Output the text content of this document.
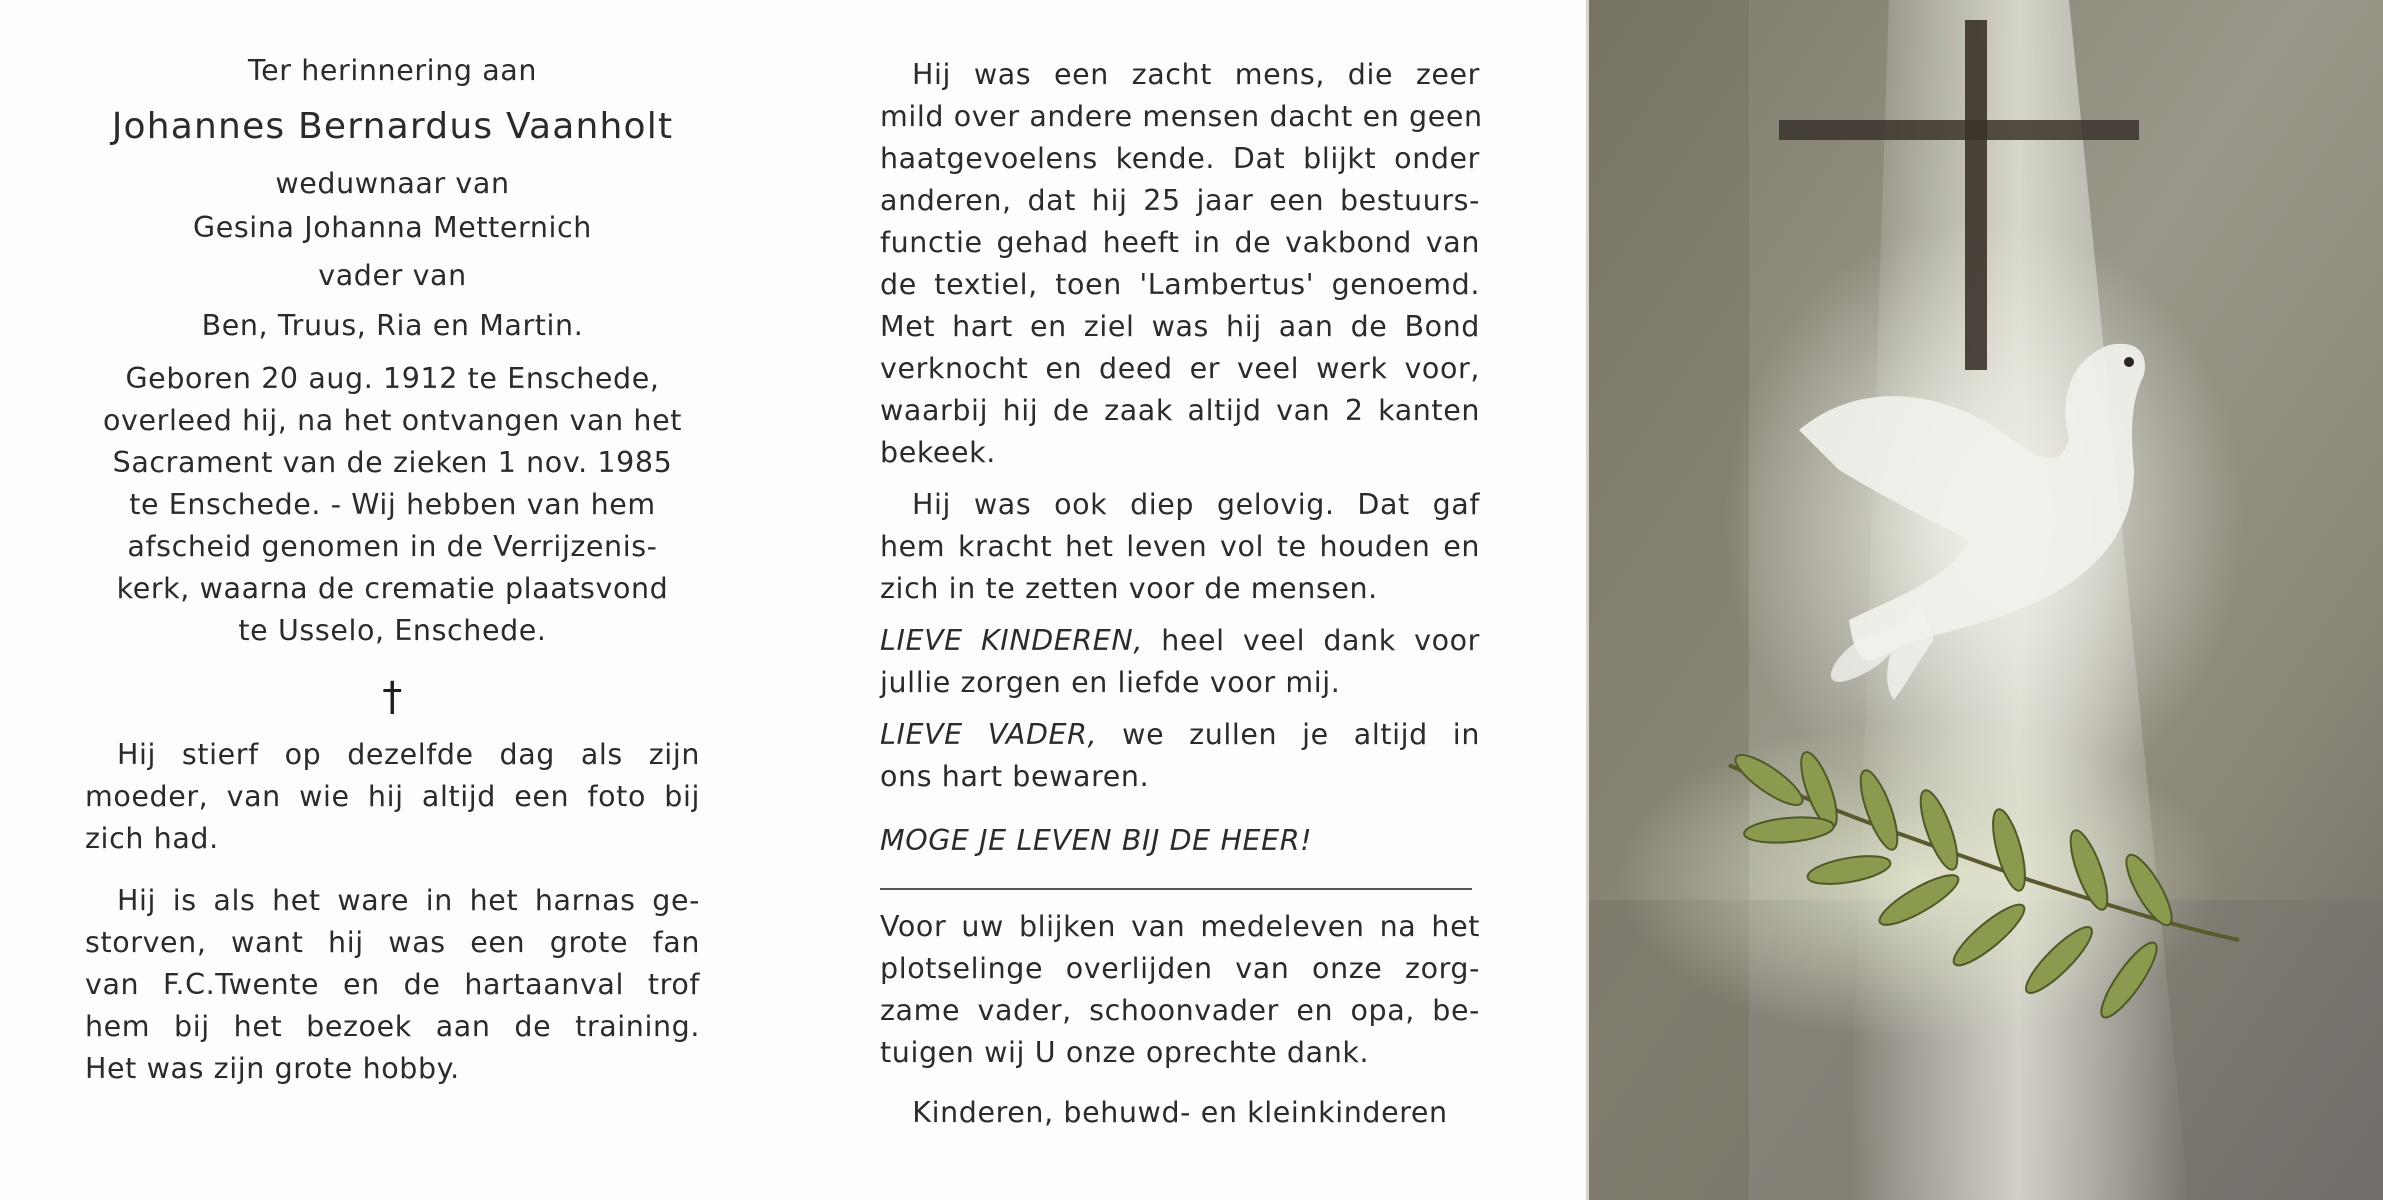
Ter herinnering aan
Johannes Bernardus Vaanholt
weduwnaar van
Gesina Johanna Metternich
vader van
Ben, Truus, Ria en Martin.
Geboren 20 aug. 1912 te Enschede,
overleed hij, na het ontvangen van het
Sacrament van de zieken 1 nov. 1985
te Enschede. - Wij hebben van hem
afscheid genomen in de Verrijzenis-
kerk, waarna de crematie plaatsvond
te Usselo, Enschede.
†
Hij stierf op dezelfde dag als zijn
moeder, van wie hij altijd een foto bij
zich had.
Hij is als het ware in het harnas ge-
storven, want hij was een grote fan
van F.C.Twente en de hartaanval trof
hem bij het bezoek aan de training.
Het was zijn grote hobby.
Hij was een zacht mens, die zeer
mild over andere mensen dacht en geen
haatgevoelens kende. Dat blijkt onder
anderen, dat hij 25 jaar een bestuurs-
functie gehad heeft in de vakbond van
de textiel, toen 'Lambertus' genoemd.
Met hart en ziel was hij aan de Bond
verknocht en deed er veel werk voor,
waarbij hij de zaak altijd van 2 kanten
bekeek.
Hij was ook diep gelovig. Dat gaf
hem kracht het leven vol te houden en
zich in te zetten voor de mensen.
LIEVE KINDEREN, heel veel dank voor
jullie zorgen en liefde voor mij.
LIEVE VADER, we zullen je altijd in
ons hart bewaren.
MOGE JE LEVEN BIJ DE HEER!
Voor uw blijken van medeleven na het
plotselinge overlijden van onze zorg-
zame vader, schoonvader en opa, be-
tuigen wij U onze oprechte dank.
Kinderen, behuwd- en kleinkinderen
